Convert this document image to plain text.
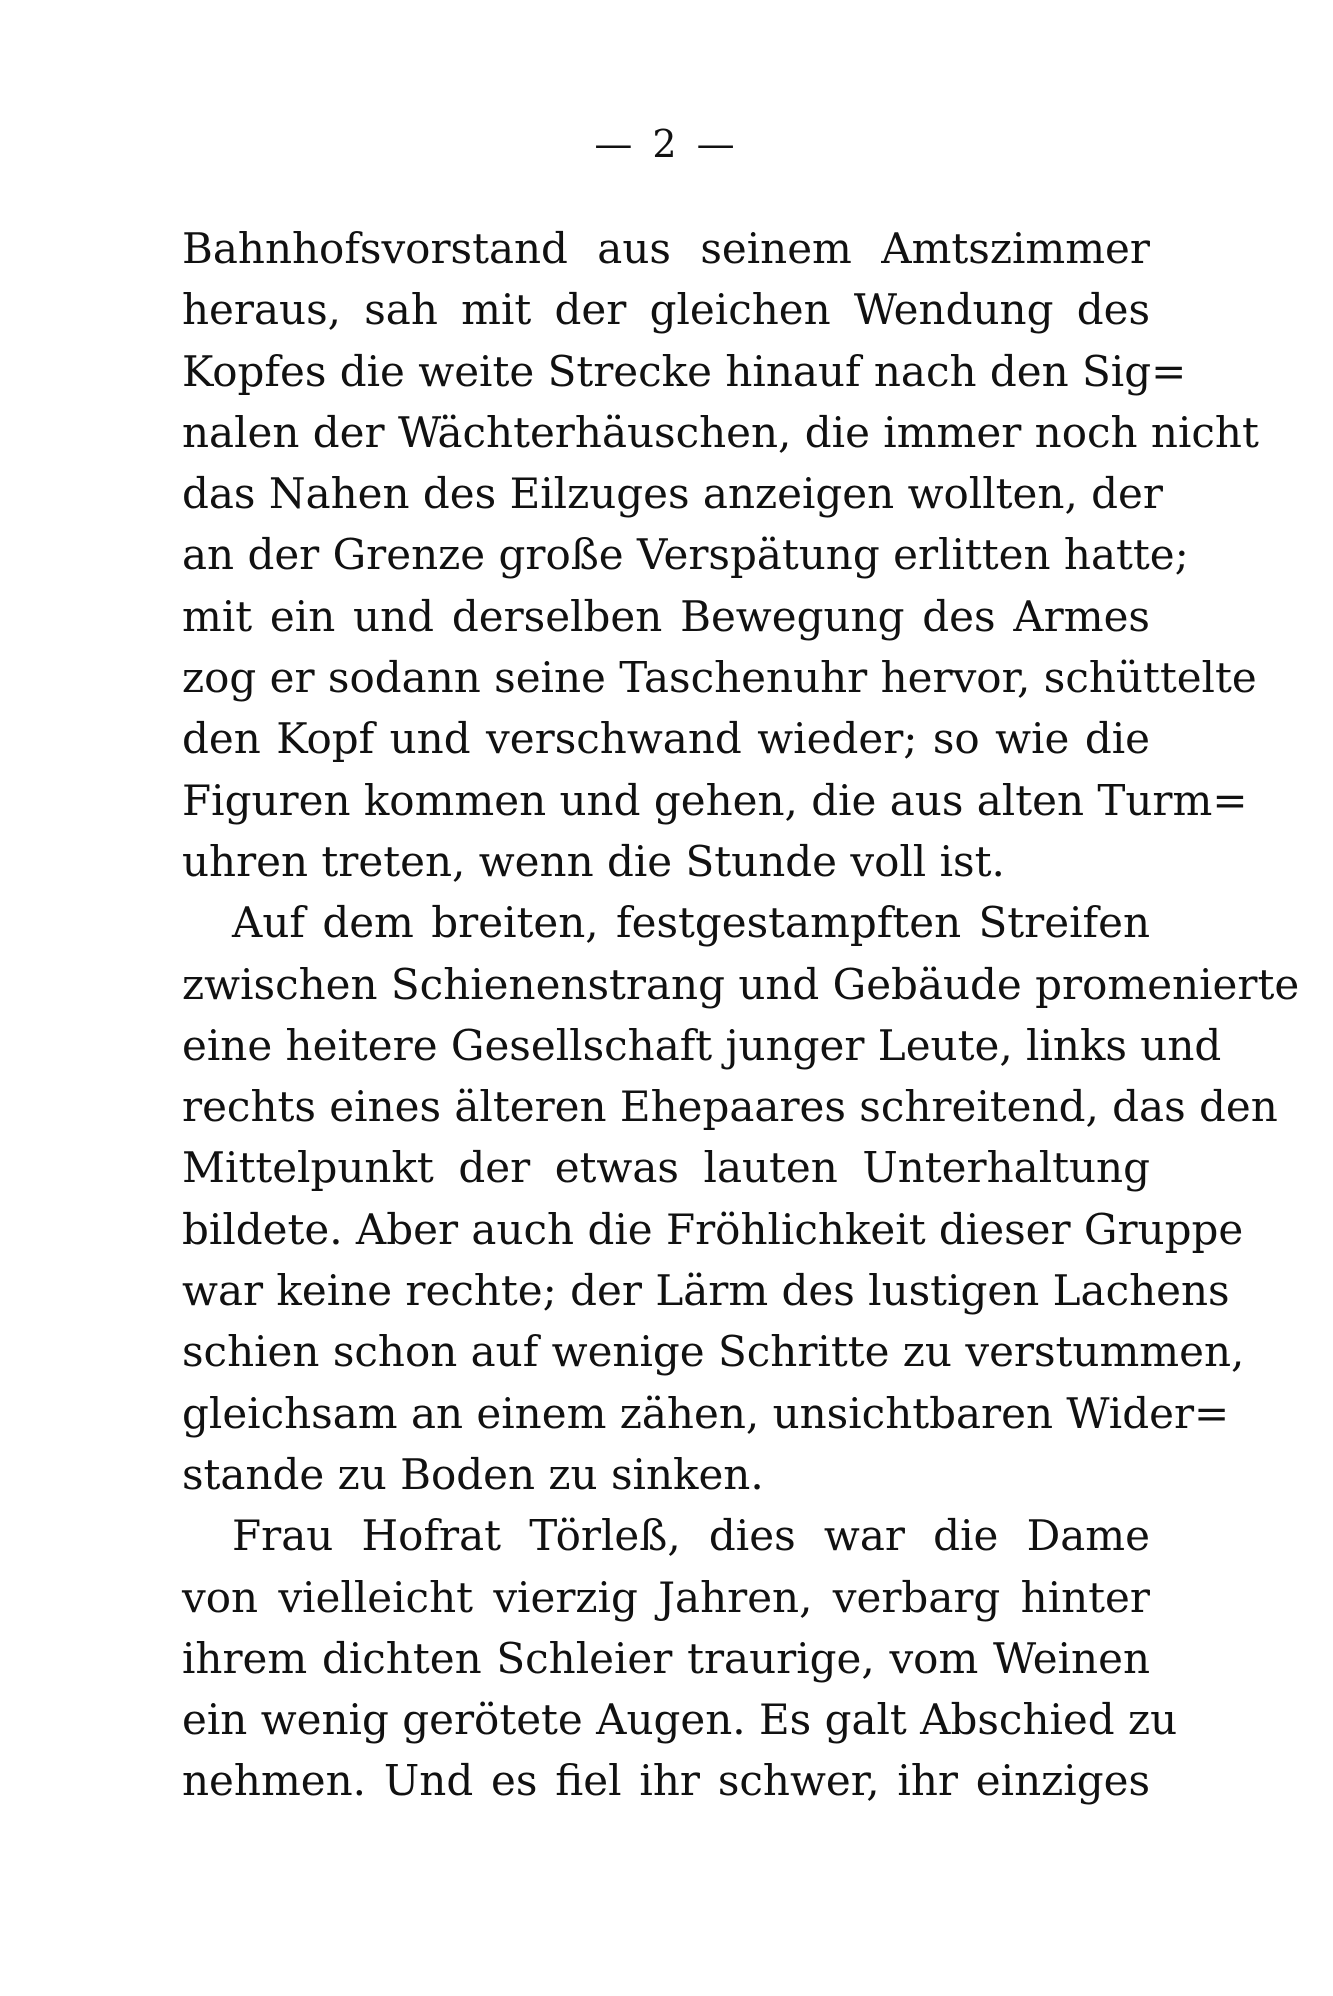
— 2 —
Bahnhofsvorstand aus seinem Amtszimmer
heraus, sah mit der gleichen Wendung des
Kopfes die weite Strecke hinauf nach den Sig=
nalen der Wächterhäuschen, die immer noch nicht
das Nahen des Eilzuges anzeigen wollten, der
an der Grenze große Verspätung erlitten hatte;
mit ein und derselben Bewegung des Armes
zog er sodann seine Taschenuhr hervor, schüttelte
den Kopf und verschwand wieder; so wie die
Figuren kommen und gehen, die aus alten Turm=
uhren treten, wenn die Stunde voll ist.
Auf dem breiten, festgestampften Streifen
zwischen Schienenstrang und Gebäude promenierte
eine heitere Gesellschaft junger Leute, links und
rechts eines älteren Ehepaares schreitend, das den
Mittelpunkt der etwas lauten Unterhaltung
bildete. Aber auch die Fröhlichkeit dieser Gruppe
war keine rechte; der Lärm des lustigen Lachens
schien schon auf wenige Schritte zu verstummen,
gleichsam an einem zähen, unsichtbaren Wider=
stande zu Boden zu sinken.
Frau Hofrat Törleß, dies war die Dame
von vielleicht vierzig Jahren, verbarg hinter
ihrem dichten Schleier traurige, vom Weinen
ein wenig gerötete Augen. Es galt Abschied zu
nehmen. Und es fiel ihr schwer, ihr einziges
